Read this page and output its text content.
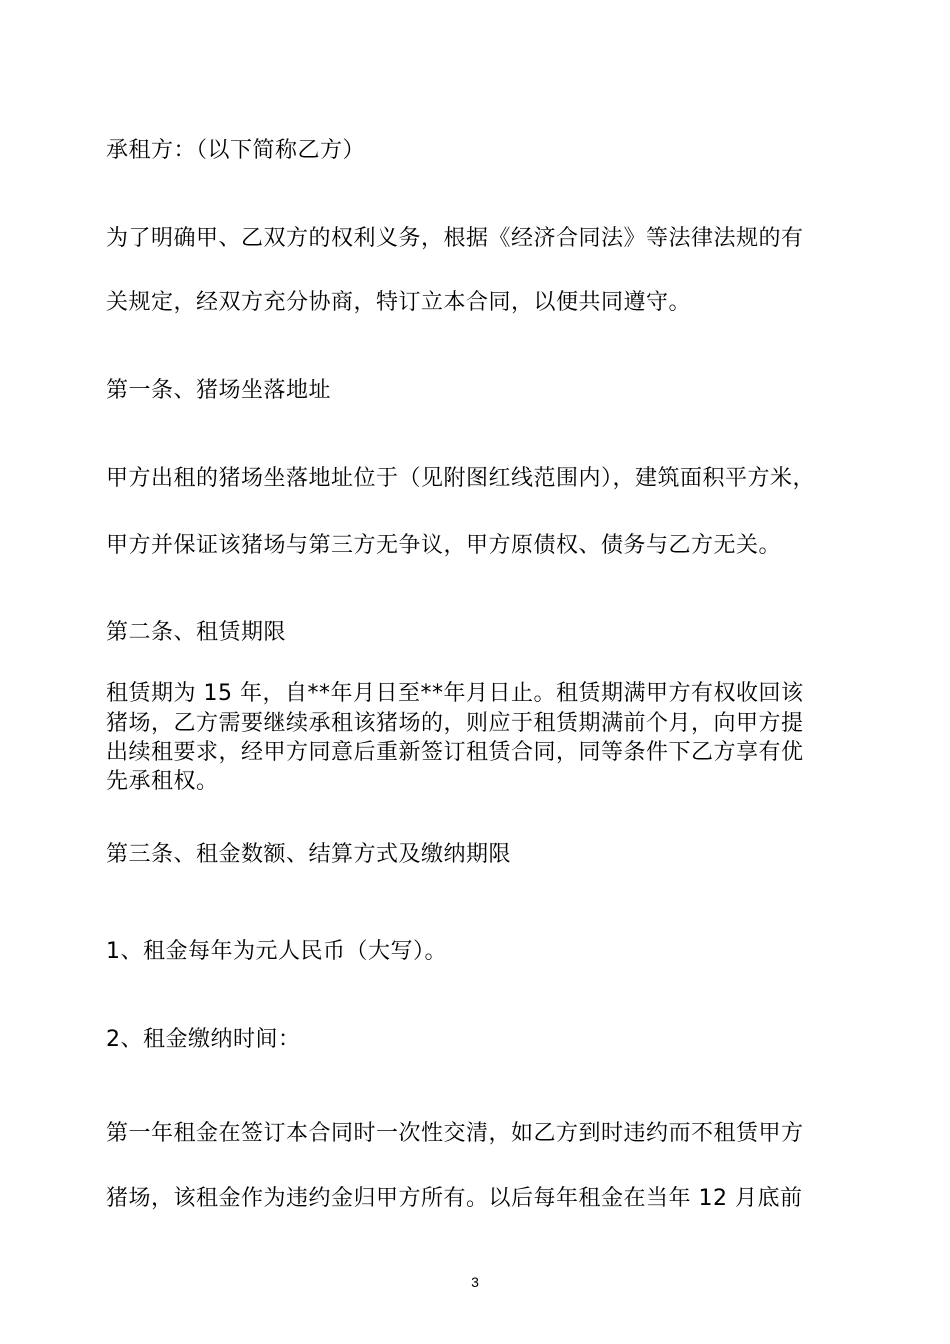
承租方：（以下简称乙方）
为了明确甲、乙双方的权利义务，根据《经济合同法》等法律法规的有
关规定，经双方充分协商，特订立本合同，以便共同遵守。
第一条、猪场坐落地址
甲方出租的猪场坐落地址位于（见附图红线范围内），建筑面积平方米，
甲方并保证该猪场与第三方无争议，甲方原债权、债务与乙方无关。
第二条、租赁期限
租赁期为 15 年，自**年月日至**年月日止。租赁期满甲方有权收回该
猪场，乙方需要继续承租该猪场的，则应于租赁期满前个月，向甲方提
出续租要求，经甲方同意后重新签订租赁合同，同等条件下乙方享有优
先承租权。
第三条、租金数额、结算方式及缴纳期限
1、租金每年为元人民币（大写）。
2、租金缴纳时间：
第一年租金在签订本合同时一次性交清，如乙方到时违约而不租赁甲方
猪场，该租金作为违约金归甲方所有。以后每年租金在当年 12 月底前
3
